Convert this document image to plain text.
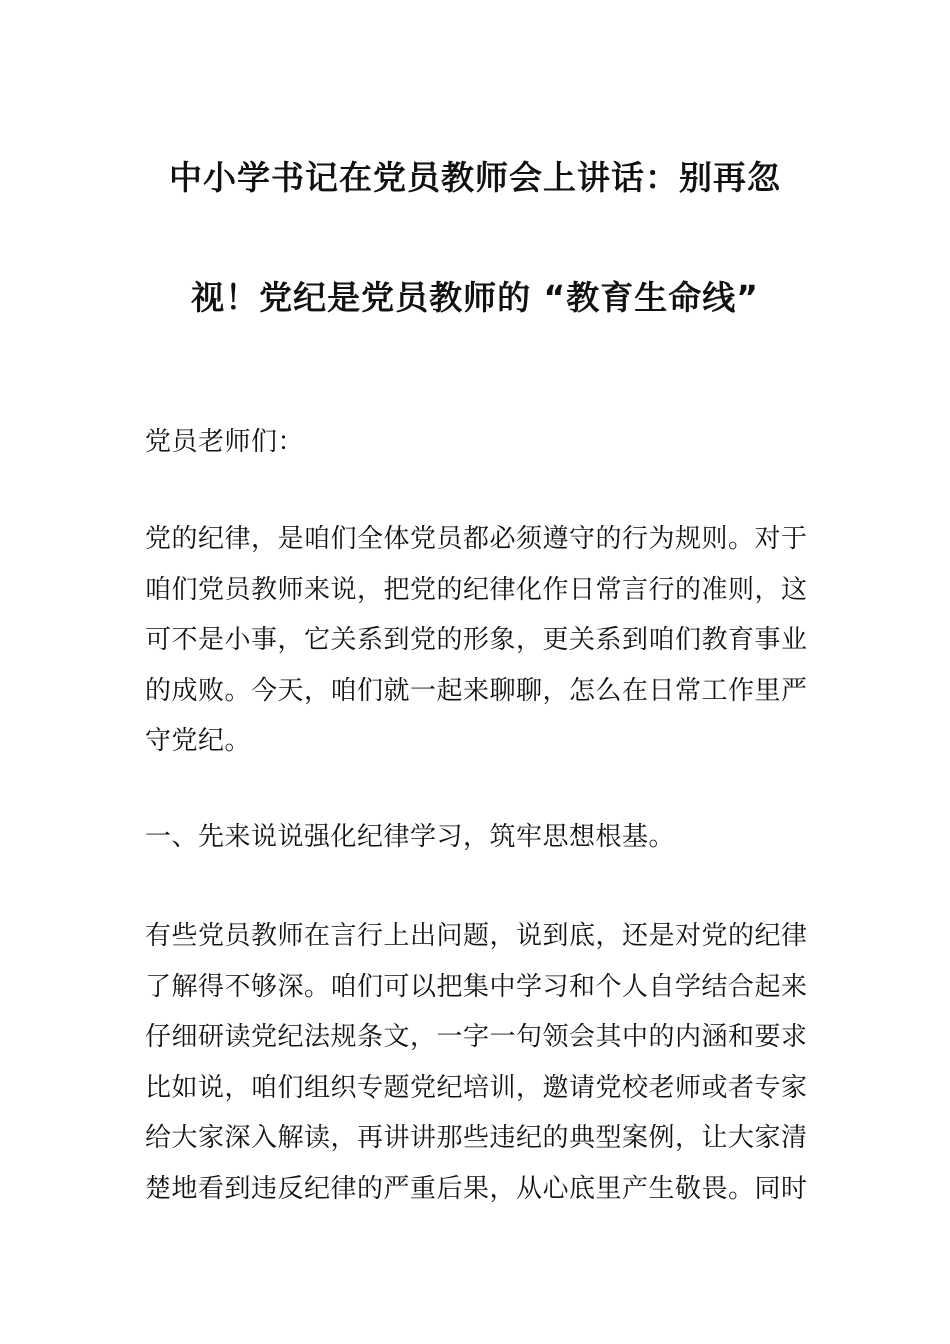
中小学书记在党员教师会上讲话：别再忽
视！党纪是党员教师的 “教育生命线”
党员老师们：
党的纪律，是咱们全体党员都必须遵守的行为规则。对于
咱们党员教师来说，把党的纪律化作日常言行的准则，这
可不是小事，它关系到党的形象，更关系到咱们教育事业
的成败。今天，咱们就一起来聊聊，怎么在日常工作里严
守党纪。
一、先来说说强化纪律学习，筑牢思想根基。
有些党员教师在言行上出问题，说到底，还是对党的纪律
了解得不够深。咱们可以把集中学习和个人自学结合起来
仔细研读党纪法规条文，一字一句领会其中的内涵和要求
比如说，咱们组织专题党纪培训，邀请党校老师或者专家
给大家深入解读，再讲讲那些违纪的典型案例，让大家清
楚地看到违反纪律的严重后果，从心底里产生敬畏。同时
